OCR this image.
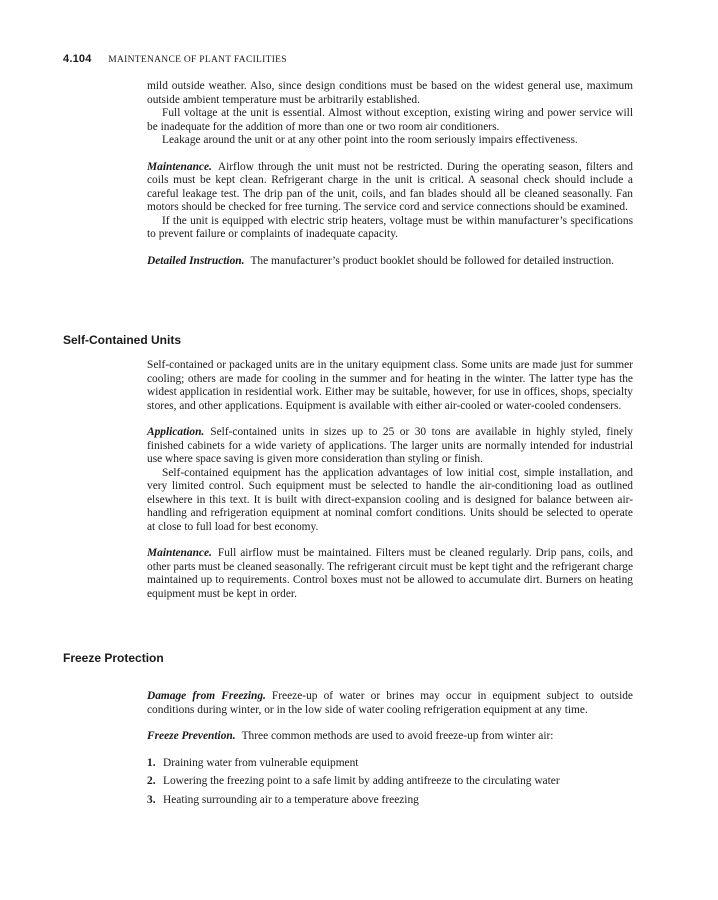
4.104 MAINTENANCE OF PLANT FACILITIES

mild outside weather. Also, since design conditions must be based on the widest general use, maximum outside ambient temperature must be arbitrarily established.

Full voltage at the unit is essential. Almost without exception, existing wiring and power service will be inadequate for the addition of more than one or two room air conditioners.

Leakage around the unit or at any other point into the room seriously impairs effectiveness.

Maintenance. Airflow through the unit must not be restricted. During the operating season, filters and coils must be kept clean. Refrigerant charge in the unit is critical. A seasonal check should include a careful leakage test. The drip pan of the unit, coils, and fan blades should all be cleaned seasonally. Fan motors should be checked for free turning. The service cord and service connections should be examined.

If the unit is equipped with electric strip heaters, voltage must be within manufacturer’s specifications to prevent failure or complaints of inadequate capacity.

Detailed Instruction. The manufacturer’s product booklet should be followed for detailed instruction.

Self-Contained Units

Self-contained or packaged units are in the unitary equipment class. Some units are made just for summer cooling; others are made for cooling in the summer and for heating in the winter. The latter type has the widest application in residential work. Either may be suitable, however, for use in offices, shops, specialty stores, and other applications. Equipment is available with either air-cooled or water-cooled condensers.

Application. Self-contained units in sizes up to 25 or 30 tons are available in highly styled, finely finished cabinets for a wide variety of applications. The larger units are normally intended for industrial use where space saving is given more consideration than styling or finish.

Self-contained equipment has the application advantages of low initial cost, simple installation, and very limited control. Such equipment must be selected to handle the air-conditioning load as outlined elsewhere in this text. It is built with direct-expansion cooling and is designed for balance between air-handling and refrigeration equipment at nominal comfort conditions. Units should be selected to operate at close to full load for best economy.

Maintenance. Full airflow must be maintained. Filters must be cleaned regularly. Drip pans, coils, and other parts must be cleaned seasonally. The refrigerant circuit must be kept tight and the refrigerant charge maintained up to requirements. Control boxes must not be allowed to accumulate dirt. Burners on heating equipment must be kept in order.

Freeze Protection

Damage from Freezing. Freeze-up of water or brines may occur in equipment subject to outside conditions during winter, or in the low side of water cooling refrigeration equipment at any time.

Freeze Prevention. Three common methods are used to avoid freeze-up from winter air:

1. Draining water from vulnerable equipment
2. Lowering the freezing point to a safe limit by adding antifreeze to the circulating water
3. Heating surrounding air to a temperature above freezing
